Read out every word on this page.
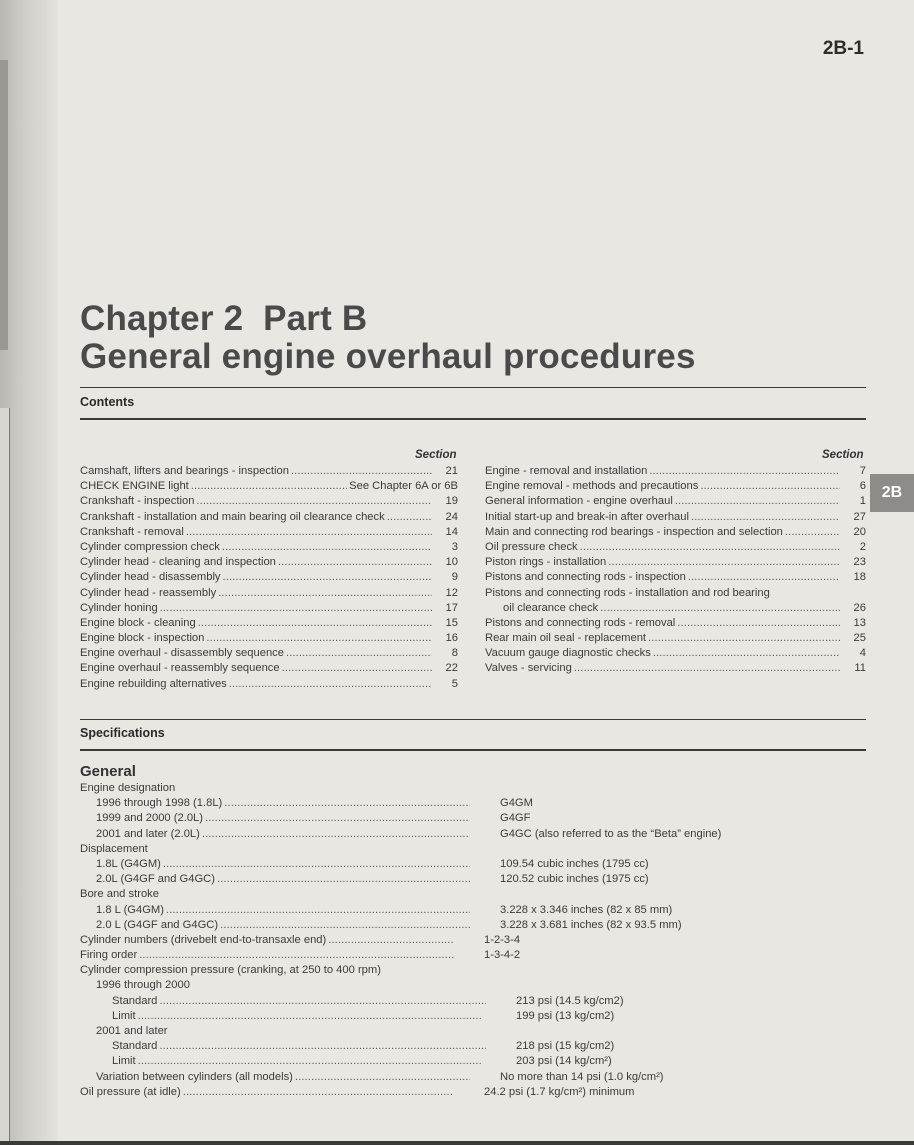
2B-1
2B
Chapter 2  Part B
General engine overhaul procedures
Contents
Section	Section
Camshaft, lifters and bearings - inspection . . .	21
CHECK ENGINE light . . .	See Chapter 6A or 6B
Crankshaft - inspection . . .	19
Crankshaft - installation and main bearing oil clearance check . . .	24
Crankshaft - removal . . .	14
Cylinder compression check . . .	3
Cylinder head - cleaning and inspection . . .	10
Cylinder head - disassembly . . .	9
Cylinder head - reassembly . . .	12
Cylinder honing . . .	17
Engine block - cleaning . . .	15
Engine block - inspection . . .	16
Engine overhaul - disassembly sequence . . .	8
Engine overhaul - reassembly sequence . . .	22
Engine rebuilding alternatives . . .	5
Engine - removal and installation . . .	7
Engine removal - methods and precautions . . .	6
General information - engine overhaul . . .	1
Initial start-up and break-in after overhaul . . .	27
Main and connecting rod bearings - inspection and selection . . .	20
Oil pressure check . . .	2
Piston rings - installation . . .	23
Pistons and connecting rods - inspection . . .	18
Pistons and connecting rods - installation and rod bearing
oil clearance check . . .	26
Pistons and connecting rods - removal . . .	13
Rear main oil seal - replacement . . .	25
Vacuum gauge diagnostic checks . . .	4
Valves - servicing . . .	11
Specifications
General
Engine designation
1996 through 1998 (1.8L) . . .	G4GM
1999 and 2000 (2.0L) . . .	G4GF
2001 and later (2.0L) . . .	G4GC (also referred to as the “Beta” engine)
Displacement
1.8L (G4GM) . . .	109.54 cubic inches (1795 cc)
2.0L (G4GF and G4GC) . . .	120.52 cubic inches (1975 cc)
Bore and stroke
1.8 L (G4GM) . . .	3.228 x 3.346 inches (82 x 85 mm)
2.0 L (G4GF and G4GC) . . .	3.228 x 3.681 inches (82 x 93.5 mm)
Cylinder numbers (drivebelt end-to-transaxle end) . . .	1-2-3-4
Firing order . . .	1-3-4-2
Cylinder compression pressure (cranking, at 250 to 400 rpm)
1996 through 2000
Standard . . .	213 psi (14.5 kg/cm2)
Limit . . .	199 psi (13 kg/cm2)
2001 and later
Standard . . .	218 psi (15 kg/cm2)
Limit . . .	203 psi (14 kg/cm²)
Variation between cylinders (all models) . . .	No more than 14 psi (1.0 kg/cm²)
Oil pressure (at idle) . . .	24.2 psi (1.7 kg/cm²) minimum
